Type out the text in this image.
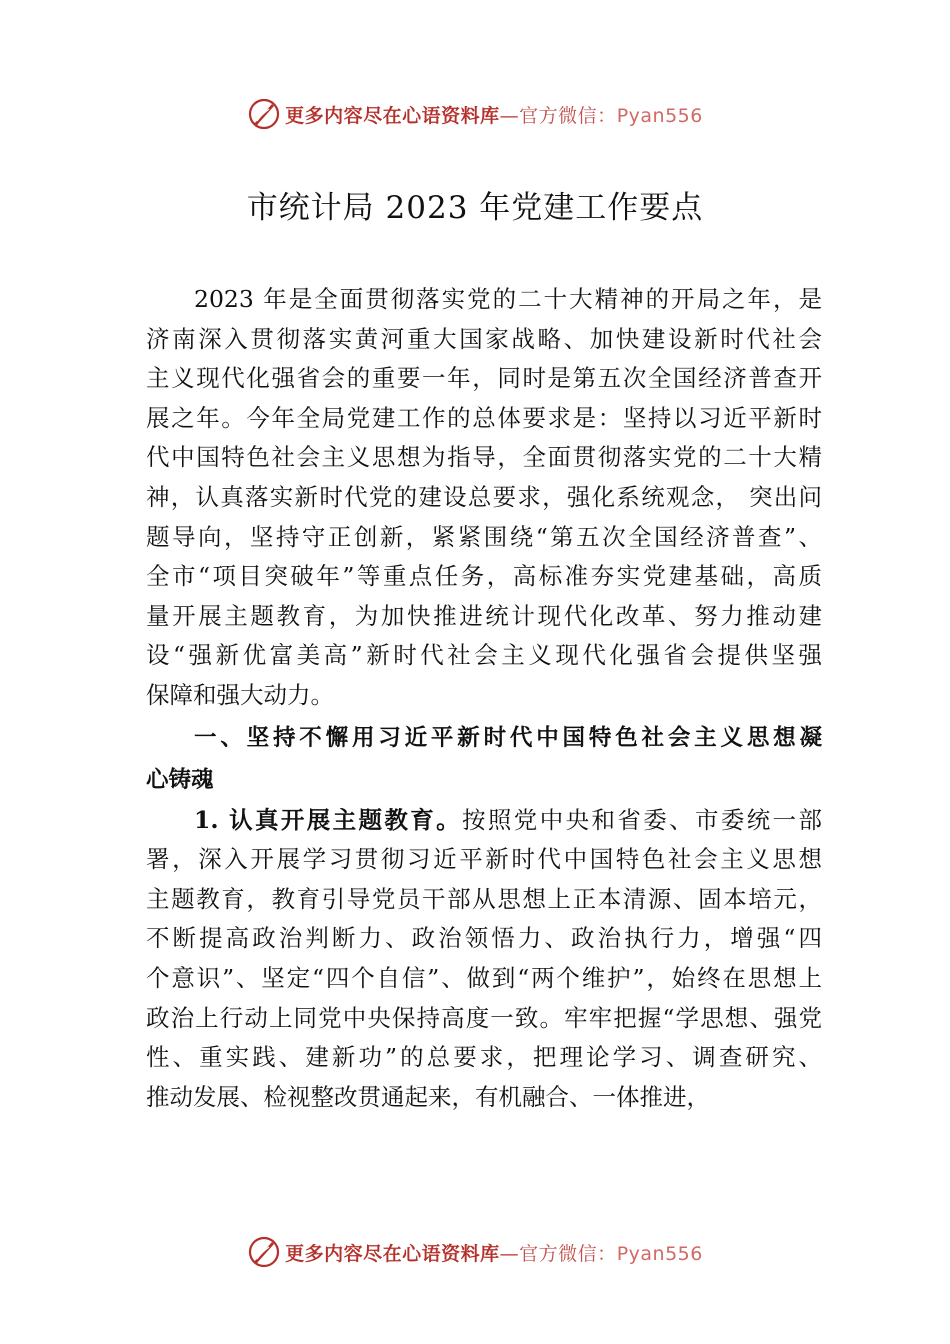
更多内容尽在心语资料库—官方微信：Pyan556
市统计局 2023 年党建工作要点
2023 年是全面贯彻落实党的二十大精神的开局之年，是
济南深入贯彻落实黄河重大国家战略、加快建设新时代社会
主义现代化强省会的重要一年，同时是第五次全国经济普查开
展之年。今年全局党建工作的总体要求是：坚持以习近平新时
代中国特色社会主义思想为指导，全面贯彻落实党的二十大精
神，认真落实新时代党的建设总要求，强化系统观念， 突出问
题导向，坚持守正创新，紧紧围绕“第五次全国经济普查”、
全市“项目突破年”等重点任务，高标准夯实党建基础，高质
量开展主题教育，为加快推进统计现代化改革、努力推动建
设“强新优富美高”新时代社会主义现代化强省会提供坚强
保障和强大动力。
一、坚持不懈用习近平新时代中国特色社会主义思想凝
心铸魂
1. 认真开展主题教育。按照党中央和省委、市委统一部
署，深入开展学习贯彻习近平新时代中国特色社会主义思想
主题教育，教育引导党员干部从思想上正本清源、固本培元，
不断提高政治判断力、政治领悟力、政治执行力，增强“四
个意识”、坚定“四个自信”、做到“两个维护”，始终在思想上
政治上行动上同党中央保持高度一致。牢牢把握“学思想、强党
性、重实践、建新功”的总要求，把理论学习、调查研究、
推动发展、检视整改贯通起来，有机融合、一体推进，
更多内容尽在心语资料库—官方微信：Pyan556
